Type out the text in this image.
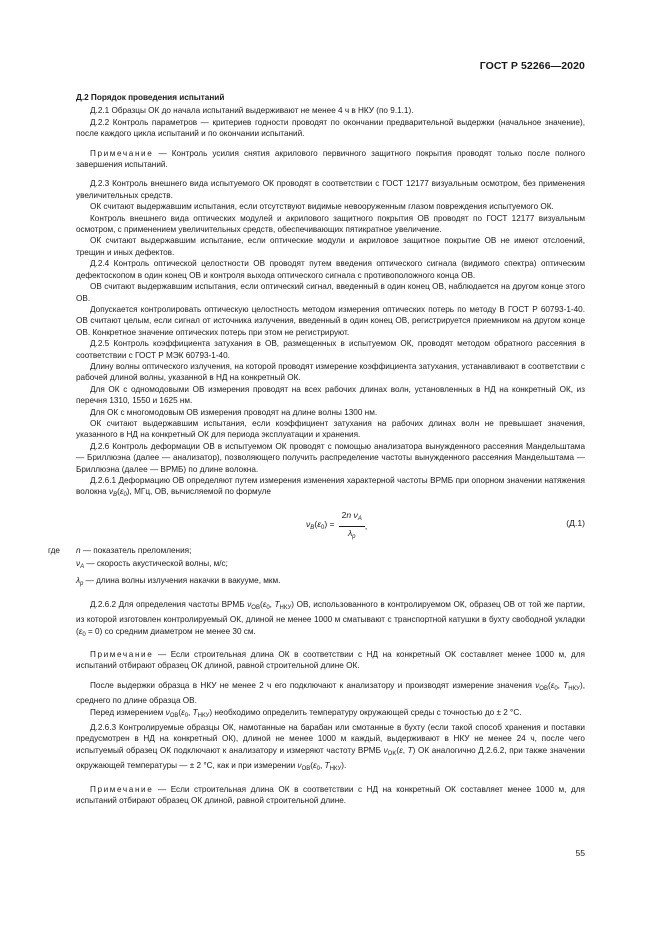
ГОСТ Р 52266—2020

Д.2 Порядок проведения испытаний

Д.2.1 Образцы ОК до начала испытаний выдерживают не менее 4 ч в НКУ (по 9.1.1).

Д.2.2 Контроль параметров — критериев годности проводят по окончании предварительной выдержки (начальное значение), после каждого цикла испытаний и по окончании испытаний.

Примечание — Контроль усилия снятия акрилового первичного защитного покрытия проводят только после полного завершения испытаний.

Д.2.3 Контроль внешнего вида испытуемого ОК проводят в соответствии с ГОСТ 12177 визуальным осмотром, без применения увеличительных средств.

ОК считают выдержавшим испытания, если отсутствуют видимые невооруженным глазом повреждения испытуемого ОК.

Контроль внешнего вида оптических модулей и акрилового защитного покрытия ОВ проводят по ГОСТ 12177 визуальным осмотром, с применением увеличительных средств, обеспечивающих пятикратное увеличение.

ОК считают выдержавшим испытание, если оптические модули и акриловое защитное покрытие ОВ не имеют отслоений, трещин и иных дефектов.

Д.2.4 Контроль оптической целостности ОВ проводят путем введения оптического сигнала (видимого спектра) оптическим дефектоскопом в один конец ОВ и контроля выхода оптического сигнала с противоположного конца ОВ.

ОВ считают выдержавшим испытания, если оптический сигнал, введенный в один конец ОВ, наблюдается на другом конце этого ОВ.

Допускается контролировать оптическую целостность методом измерения оптических потерь по методу В ГОСТ Р 60793-1-40. ОВ считают целым, если сигнал от источника излучения, введенный в один конец ОВ, регистрируется приемником на другом конце ОВ. Конкретное значение оптических потерь при этом не регистрируют.

Д.2.5 Контроль коэффициента затухания в ОВ, размещенных в испытуемом ОК, проводят методом обратного рассеяния в соответствии с ГОСТ Р МЭК 60793-1-40.

Длину волны оптического излучения, на которой проводят измерение коэффициента затухания, устанавливают в соответствии с рабочей длиной волны, указанной в НД на конкретный ОК.

Для ОК с одномодовыми ОВ измерения проводят на всех рабочих длинах волн, установленных в НД на конкретный ОК, из перечня 1310, 1550 и 1625 нм.

Для ОК с многомодовым ОВ измерения проводят на длине волны 1300 нм.

ОК считают выдержавшим испытания, если коэффициент затухания на рабочих длинах волн не превышает значения, указанного в НД на конкретный ОК для периода эксплуатации и хранения.

Д.2.6 Контроль деформации ОВ в испытуемом ОК проводят с помощью анализатора вынужденного рассеяния Мандельштама — Бриллюэна (далее — анализатор), позволяющего получить распределение частоты вынужденного рассеяния Мандельштама — Бриллюэна (далее — ВРМБ) по длине волокна.

Д.2.6.1 Деформацию ОВ определяют путем измерения изменения характерной частоты ВРМБ при опорном значении натяжения волокна $\nu_B(\varepsilon_0)$, МГц, ОВ, вычисляемой по формуле

$\nu_B(\varepsilon_0) = \frac{2n \nu_A}{\lambda_p}$ ,	(Д.1)
где	n — показатель преломления;
$\nu_A$ — скорость акустической волны, м/с;
$\lambda_p$ — длина волны излучения накачки в вакууме, мкм.

Д.2.6.2 Для определения частоты ВРМБ $\nu_{OB}(\varepsilon_0$, $T_{НКУ}$) ОВ, использованного в контролируемом ОК, образец ОВ от той же партии, из которой изготовлен контролируемый ОК, длиной не менее 1000 м сматывают с транспортной катушки в бухту свободной укладки $(\varepsilon_0 = 0)$ со средним диаметром не менее 30 см.

Примечание — Если строительная длина ОК в соответствии с НД на конкретный ОК составляет менее 1000 м, для испытаний отбирают образец ОК длиной, равной строительной длине ОК.

После выдержки образца в НКУ не менее 2 ч его подключают к анализатору и производят измерение значения $\nu_{OB}(\varepsilon_0$, $T_{НКУ}$), среднего по длине образца ОВ.

Перед измерением $\nu_{OB}(\varepsilon_0$, $T_{НКУ}$) необходимо определить температуру окружающей среды с точностью до ± 2 °C.

Д.2.6.3 Контролируемые образцы ОК, намотанные на барабан или смотанные в бухту (если такой способ хранения и поставки предусмотрен в НД на конкретный ОК), длиной не менее 1000 м каждый, выдерживают в НКУ не менее 24 ч, после чего испытуемый образец ОК подключают к анализатору и измеряют частоту ВРМБ $\nu_{OK}(\varepsilon$, T) ОК аналогично Д.2.6.2, при также значении окружающей температуры — ± 2 °C, как и при измерении $\nu_{OB}(\varepsilon_0$, $T_{НКУ}$).

Примечание — Если строительная длина ОК в соответствии с НД на конкретный ОК составляет менее 1000 м, для испытаний отбирают образец ОК длиной, равной строительной длине.

55
